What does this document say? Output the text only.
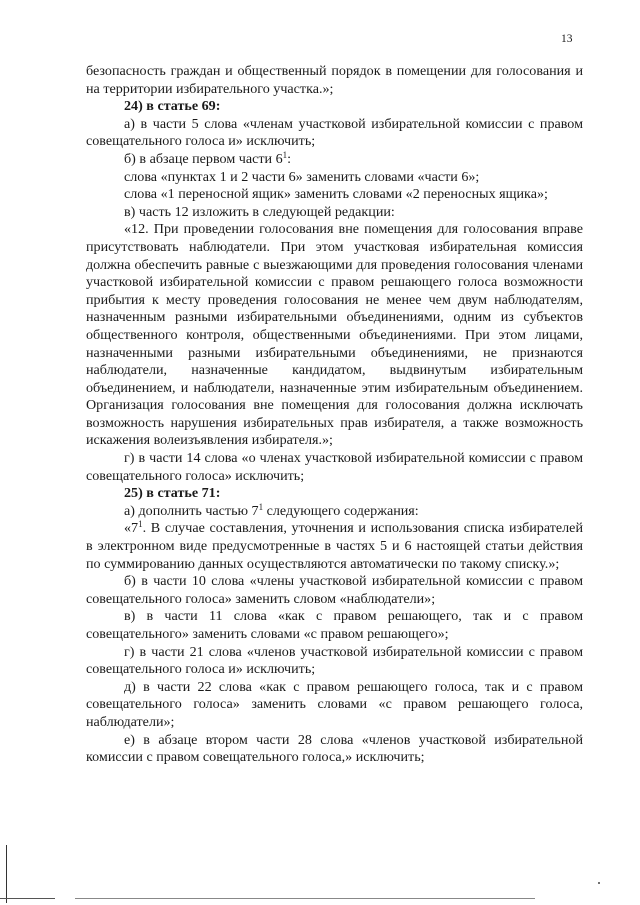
13

безопасность граждан и общественный порядок в помещении для голосования и на территории избирательного участка.»;

24) в статье 69:

а) в части 5 слова «членам участковой избирательной комиссии с правом совещательного голоса и» исключить;

б) в абзаце первом части $6^1$:

слова «пунктах 1 и 2 части 6» заменить словами «части 6»;

слова «1 переносной ящик» заменить словами «2 переносных ящика»;

в) часть 12 изложить в следующей редакции:

«12. При проведении голосования вне помещения для голосования вправе присутствовать наблюдатели. При этом участковая избирательная комиссия должна обеспечить равные с выезжающими для проведения голосования членами участковой избирательной комиссии с правом решающего голоса возможности прибытия к месту проведения голосования не менее чем двум наблюдателям, назначенным разными избирательными объединениями, одним из субъектов общественного контроля, общественными объединениями. При этом лицами, назначенными разными избирательными объединениями, не признаются наблюдатели, назначенные кандидатом, выдвинутым избирательным объединением, и наблюдатели, назначенные этим избирательным объединением. Организация голосования вне помещения для голосования должна исключать возможность нарушения избирательных прав избирателя, а также возможность искажения волеизъявления избирателя.»;

г) в части 14 слова «о членах участковой избирательной комиссии с правом совещательного голоса» исключить;

25) в статье 71:

а) дополнить частью $7^1$ следующего содержания:

«$7^1$. В случае составления, уточнения и использования списка избирателей в электронном виде предусмотренные в частях 5 и 6 настоящей статьи действия по суммированию данных осуществляются автоматически по такому списку.»;

б) в части 10 слова «члены участковой избирательной комиссии с правом совещательного голоса» заменить словом «наблюдатели»;

в) в части 11 слова «как с правом решающего, так и с правом совещательного» заменить словами «с правом решающего»;

г) в части 21 слова «членов участковой избирательной комиссии с правом совещательного голоса и» исключить;

д) в части 22 слова «как с правом решающего голоса, так и с правом совещательного голоса» заменить словами «с правом решающего голоса, наблюдатели»;

е) в абзаце втором части 28 слова «членов участковой избирательной комиссии с правом совещательного голоса,» исключить;
